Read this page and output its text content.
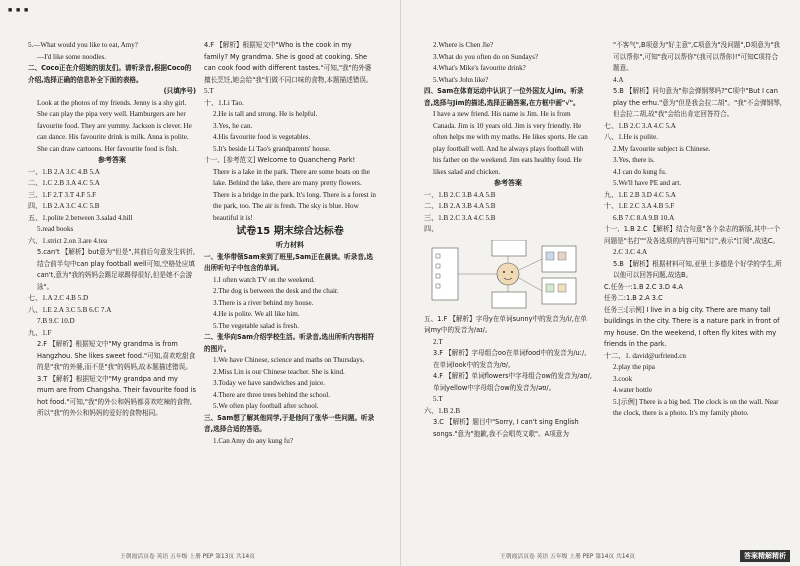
■ ■ ■

5.—What would you like to eat, Amy?

—I'd like some noodles.

二、Coco正在介绍她的朋友们。请听录音,根据Coco的介绍,选择正确的信息补全下面的表格。

(只填序号)

Look at the photos of my friends. Jenny is a shy girl. She can play the pipa very well. Hamburgers are her favourite food. They are yummy. Jackson is clever. He can dance. His favourite drink is milk. Anna is polite. She can draw cartoons. Her favourite food is fish.

参考答案

一、1.B 2.A 3.C 4.B 5.A

二、1.C 2.B 3.A 4.C 5.A

三、1.F 2.T 3.T 4.F 5.F

四、1.B 2.A 3.C 4.C 5.B

五、1.polite 2.between 3.salad 4.hill

5.read books

六、1.strict 2.on 3.are 4.tea

5.can't 【解析】but意为"但是",其前后句意发生转折,结合前半句中can play football well可知,空格处应填can't,意为"我的妈妈会踢足球踢得很好,但是她不会游泳"。

七、1.A 2.C 4.B 5.D

八、1.E 2.A 3.C 5.B 6.C 7.A

7.B 9.C 10.D

九、1.F

2.F 【解析】根据短文中"My grandma is from Hangzhou. She likes sweet food."可知,喜欢吃甜食的是"我"的外婆,而不是"我"的妈妈,故本题描述错误。

3.T 【解析】根据短文中"My grandpa and my mum are from Changsha. Their favourite food is hot food."可知,"我"的外公和妈妈都喜欢吃辣的食物,所以"我"的外公和妈妈的爱好的食物相同。

4.F 【解析】根据短文中"Who is the cook in my family? My grandma. She is good at cooking. She can cook food with different tastes."可知,"我"的外婆擅长烹饪,她会给"我"们做不同口味的食物,本题描述错误。

5.T

十、1.Li Tao.

2.He is tall and strong. He is helpful.

3.Yes, he can.

4.His favourite food is vegetables.

5.It's beside Li Tao's grandparents' house.

十一、[参考范文] Welcome to Quancheng Park!

There is a lake in the park. There are some boats on the lake. Behind the lake, there are many pretty flowers. There is a bridge in the park. It's long. There is a forest in the park, too. The air is fresh. The sky is blue. How beautiful it is!

试卷15 期末综合达标卷

听力材料

一、张华带领Sam来到了班里,Sam正在晨读。听录音,选出所听句子中包含的单词。

1.I often watch TV on the weekend.

2.The dog is between the desk and the chair.

3.There is a river behind my house.

4.He is polite. We all like him.

5.The vegetable salad is fresh.

二、张华向Sam介绍学校生活。听录音,选出所听内容相符的图片。

1.We have Chinese, science and maths on Thursdays.

2.Miss Lin is our Chinese teacher. She is kind.

3.Today we have sandwiches and juice.

4.There are three trees behind the school.

5.We often play football after school.

三、Sam想了解其他同学,于是他问了张华一些问题。听录音,选择合适的答语。

1.Can Amy do any kung fu?

2.Where is Chen Jie?

3.What do you often do on Sundays?

4.What's Mike's favourite drink?

5.What's John like?

四、Sam在体育运动中认识了一位外国友人Jim。听录音,选择与Jim的描述,选择正确答案,在方框中画"√"。

I have a new friend. His name is Jim. He is from Canada. Jim is 10 years old. Jim is very friendly. He often helps me with my maths. He likes sports. He can play football well. And he always plays football with his father on the weekend. Jim eats healthy food. He likes salad and chicken.

参考答案

一、1.B 2.C 3.B 4.A 5.B

二、1.B 2.A 3.B 4.A 5.B

三、1.B 2.C 3.A 4.C 5.B

四、

五、1.F 【解析】字母y在单词sunny中的发音为/i/,在单词my中的发音为/aɪ/。

2.T

3.F 【解析】字母组合oo在单词food中的发音为/uː/,在单词look中的发音为/ʊ/。

4.F 【解析】单词flowers中字母组合ow的发音为/aʊ/,单词yellow中字母组合ow的发音为/əʊ/。

5.T

六、1.B 2.B

3.C 【解析】题目中"Sorry, I can't sing English songs."意为"抱歉,我不会唱英文歌"。A项意为

"不客气",B项意为"好主意",C项意为"没问题",D项意为"我可以帮你",可知"我可以帮你"(我可以帮你)!"可知C项符合题意。

4.A

5.B 【解析】问句意为"你会弹钢琴吗?"C项中"But I can play the erhu."意为"但是我会拉二胡"。"我"不会弹钢琴,但会拉二胡,故"我"会给出肯定回答符合。

七、1.B 2.C 3.A 4.C 5.A

八、1.He is polite.

2.My favourite subject is Chinese.

3.Yes, there is.

4.I can do kung fu.

5.We'll have PE and art.

九、1.E 2.B 3.D 4.C 5.A

十、1.E 2.C 3.A 4.B 5.F

6.B 7.C 8.A 9.B 10.A

十一、1.B 2.C 【解析】结合句意"各个杂志的新版,其中一个问题是"名打""及各选项的内容可知"订",表示"订阅",故选C。

2.C 3.C 4.A

5.B 【解析】根据材料可知,亚里士多德是个好学的学生,所以他可以回答问题,故选B。

C.任务一:1.B 2.C 3.D 4.A

任务二:1.B 2.A 3.C

任务三:[示例] I live in a big city. There are many tall buildings in the city. There is a nature park in front of my house. On the weekend, I often fly kites with my friends in the park.

十二、1. david@urfriend.cn

2.play the pipa

3.cook

4.water bottle

5.[示例] There is a big bed. The clock is on the wall. Near the clock, there is a photo. It's my family photo.

王朝霞活页卷 英语 五年级 上册 PEP 第13页 共14页	王朝霞活页卷 英语 五年级 上册 PEP 第14页 共14页	答案精解精析
